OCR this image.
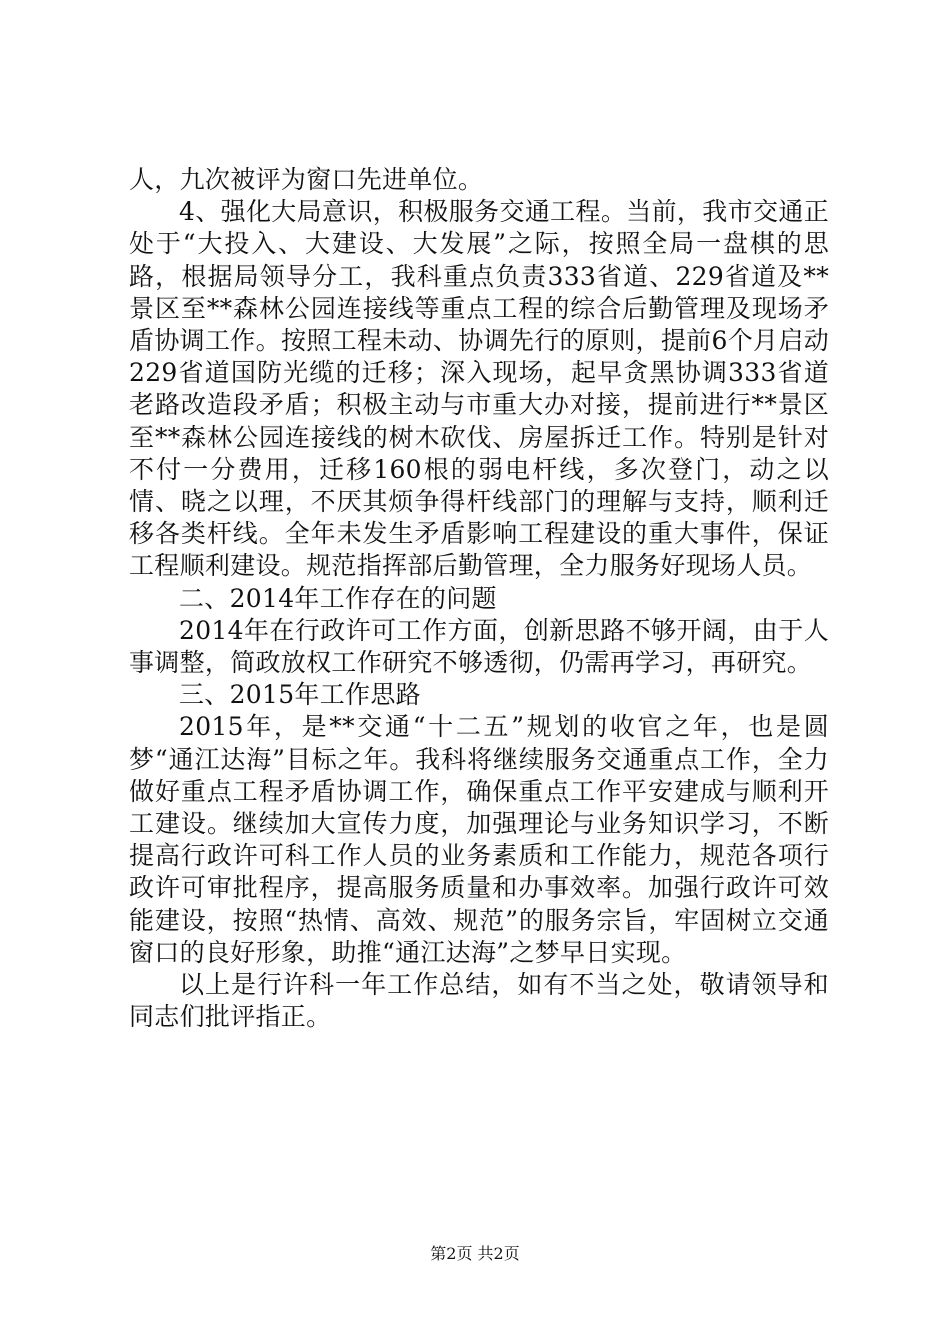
人，九次被评为窗口先进单位。

4、强化大局意识，积极服务交通工程。当前，我市交通正处于“大投入、大建设、大发展”之际，按照全局一盘棋的思路，根据局领导分工，我科重点负责333省道、229省道及**景区至**森林公园连接线等重点工程的综合后勤管理及现场矛盾协调工作。按照工程未动、协调先行的原则，提前6个月启动229省道国防光缆的迁移；深入现场，起早贪黑协调333省道老路改造段矛盾；积极主动与市重大办对接，提前进行**景区至**森林公园连接线的树木砍伐、房屋拆迁工作。特别是针对不付一分费用，迁移160根的弱电杆线，多次登门，动之以情、晓之以理，不厌其烦争得杆线部门的理解与支持，顺利迁移各类杆线。全年未发生矛盾影响工程建设的重大事件，保证工程顺利建设。规范指挥部后勤管理，全力服务好现场人员。

二、2014年工作存在的问题

2014年在行政许可工作方面，创新思路不够开阔，由于人事调整，简政放权工作研究不够透彻，仍需再学习，再研究。

三、2015年工作思路

2015年，是**交通“十二五”规划的收官之年，也是圆梦“通江达海”目标之年。我科将继续服务交通重点工作，全力做好重点工程矛盾协调工作，确保重点工作平安建成与顺利开工建设。继续加大宣传力度，加强理论与业务知识学习，不断提高行政许可科工作人员的业务素质和工作能力，规范各项行政许可审批程序，提高服务质量和办事效率。加强行政许可效能建设，按照“热情、高效、规范”的服务宗旨，牢固树立交通窗口的良好形象，助推“通江达海”之梦早日实现。

以上是行许科一年工作总结，如有不当之处，敬请领导和同志们批评指正。

第2页 共2页
